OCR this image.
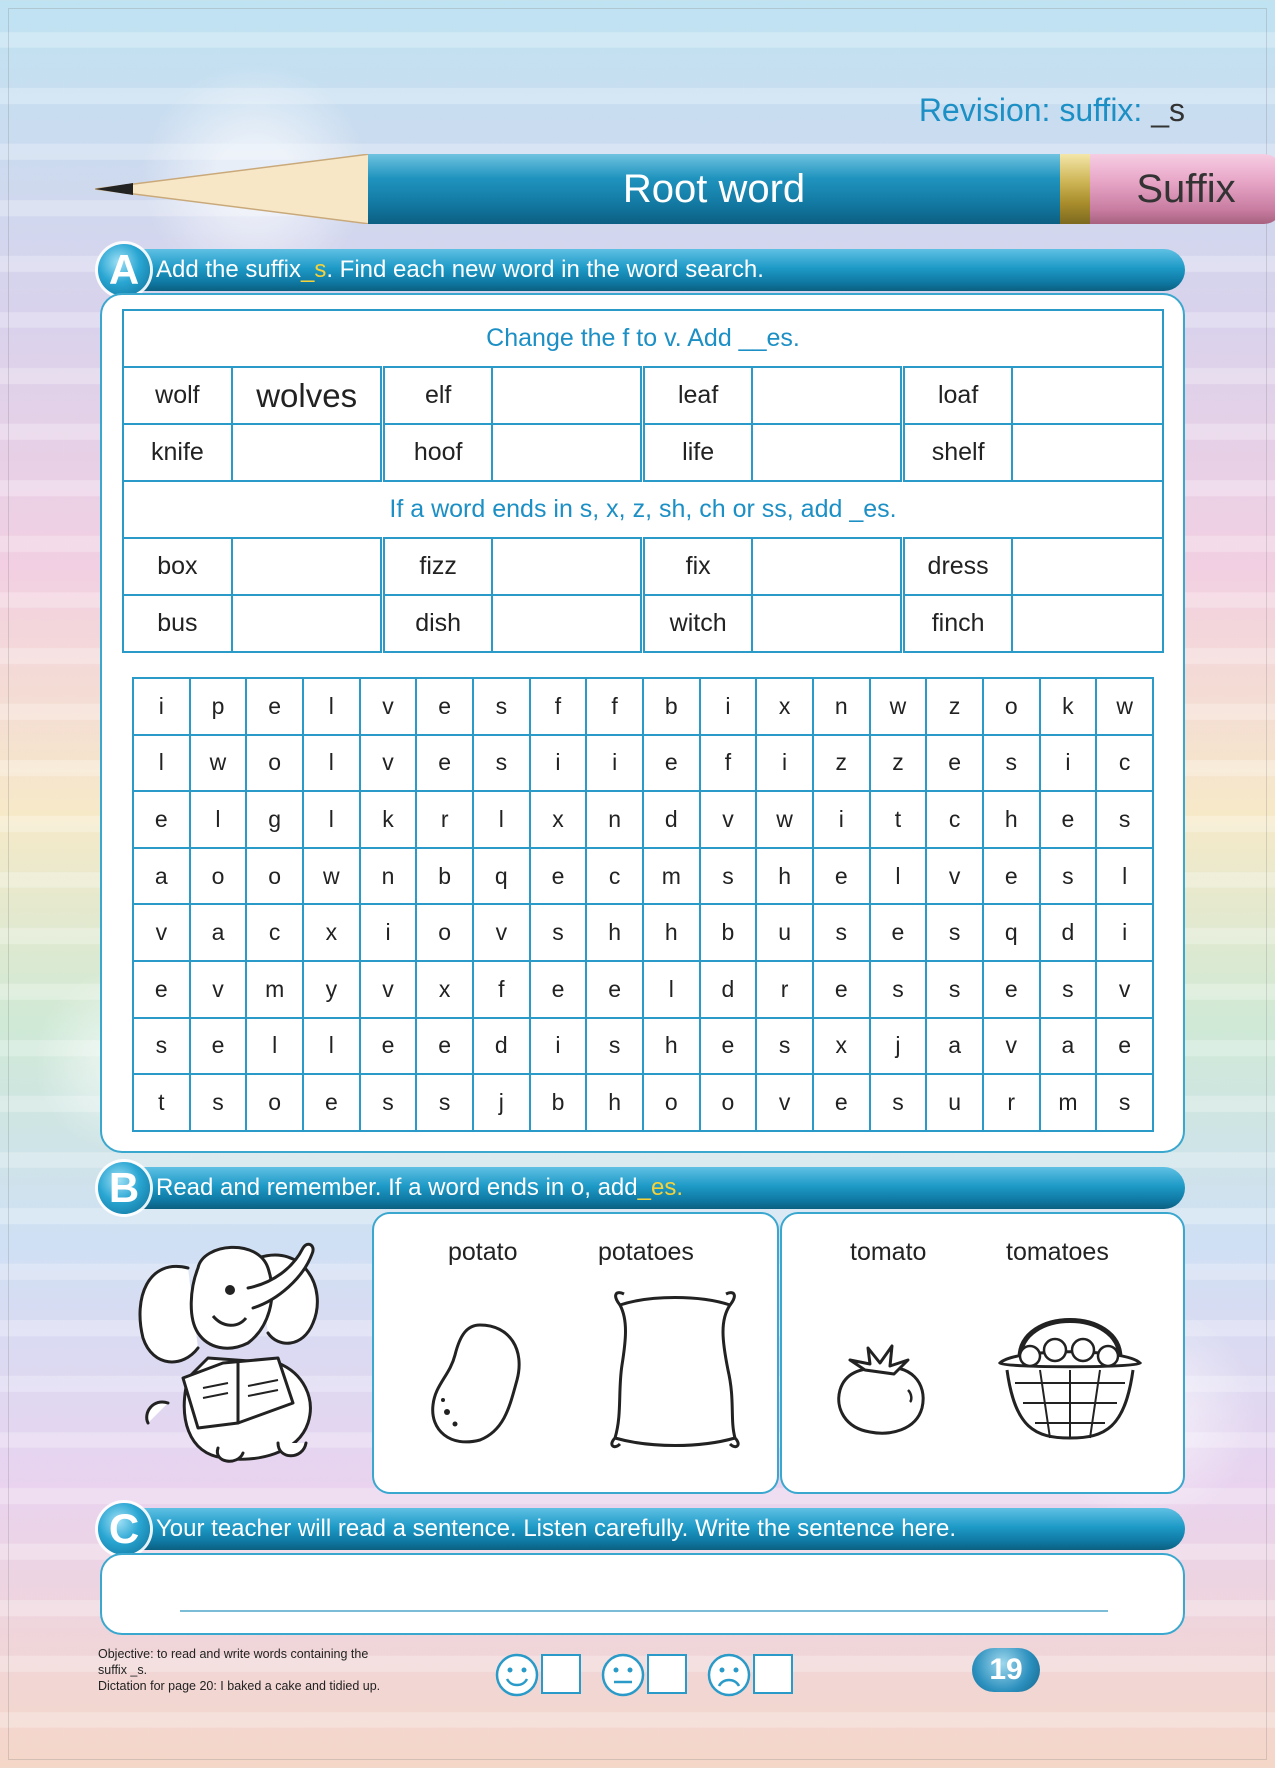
Revision: suffix: _s
Root word	Suffix
Add the suffix _s . Find each new word in the word search.
A
Change the f to v. Add __es.							
wolf	wolves	elf		leaf		loaf	
knife		hoof		life		shelf	
If a word ends in s, x, z, sh, ch or ss, add _es.							
box		fizz		fix		dress	
bus		dish		witch		finch	
i	p	e	l	v	e	s	f	f	b	i	x	n	w	z	o	k	w
l	w	o	l	v	e	s	i	i	e	f	i	z	z	e	s	i	c
e	l	g	l	k	r	l	x	n	d	v	w	i	t	c	h	e	s
a	o	o	w	n	b	q	e	c	m	s	h	e	l	v	e	s	l
v	a	c	x	i	o	v	s	h	h	b	u	s	e	s	q	d	i
e	v	m	y	v	x	f	e	e	l	d	r	e	s	s	e	s	v
s	e	l	l	e	e	d	i	s	h	e	s	x	j	a	v	a	e
t	s	o	e	s	s	j	b	h	o	o	v	e	s	u	r	m	s
Read and remember. If a word ends in o, add _es.
B
potato	potatoes	tomato	tomatoes
Your teacher will read a sentence. Listen carefully. Write the sentence here.
C
Objective: to read and write words containing the
suffix _s.
Dictation for page 20: I baked a cake and tidied up.	19
